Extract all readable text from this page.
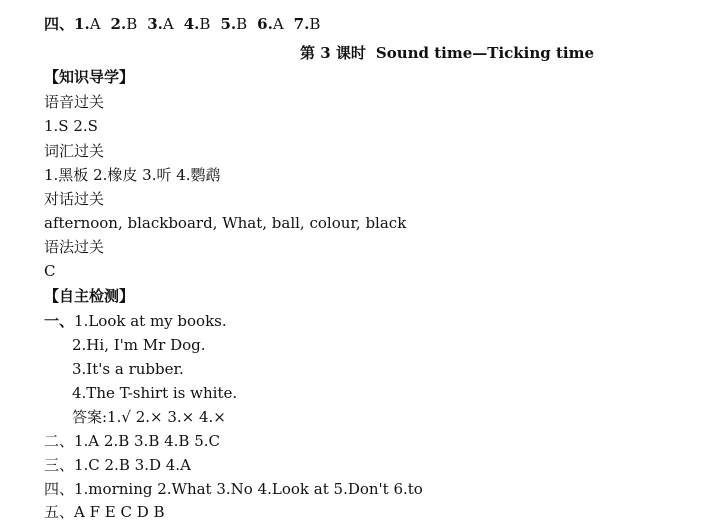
四、1.A 2.B 3.A 4.B 5.B 6.A 7.B
第 3 课时 Sound time—Ticking time
【知识导学】
语音过关
1.S 2.S
词汇过关
1.黑板 2.橡皮 3.听 4.鹦鹉
对话过关
afternoon, blackboard, What, ball, colour, black
语法过关
C
【自主检测】
一、1.Look at my books.
2.Hi, I'm Mr Dog.
3.It's a rubber.
4.The T-shirt is white.
答案:1.√ 2.× 3.× 4.×
二、1.A 2.B 3.B 4.B 5.C
三、1.C 2.B 3.D 4.A
四、1.morning 2.What 3.No 4.Look at 5.Don't 6.to
五、A F E C D B
